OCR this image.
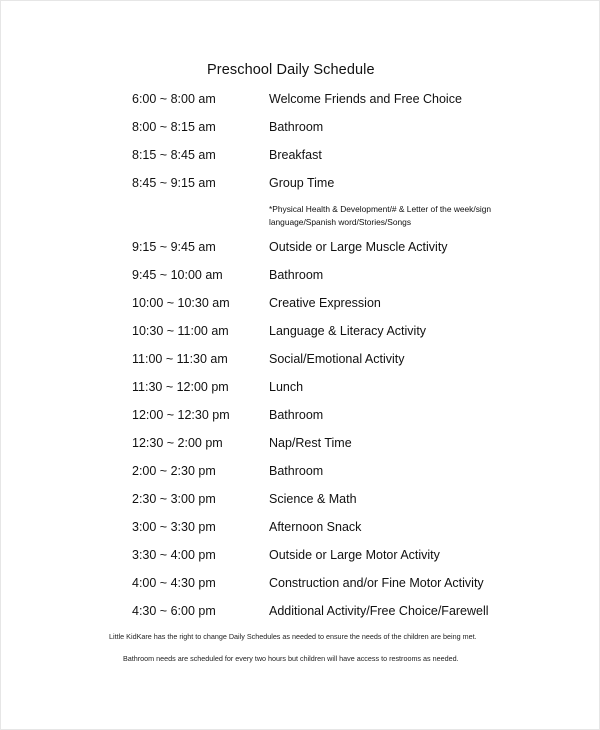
Preschool Daily Schedule
6:00 ~ 8:00 am	Welcome Friends and Free Choice
8:00 ~ 8:15 am	Bathroom
8:15 ~ 8:45 am	Breakfast
8:45 ~ 9:15 am	Group Time
*Physical Health & Development/# & Letter of the week/sign language/Spanish word/Stories/Songs
9:15 ~ 9:45 am	Outside or Large Muscle Activity
9:45 ~ 10:00 am	Bathroom
10:00 ~ 10:30 am	Creative Expression
10:30 ~ 11:00 am	Language & Literacy Activity
11:00 ~ 11:30 am	Social/Emotional Activity
11:30 ~ 12:00 pm	Lunch
12:00 ~ 12:30 pm	Bathroom
12:30 ~ 2:00 pm	Nap/Rest Time
2:00 ~ 2:30 pm	Bathroom
2:30 ~ 3:00 pm	Science & Math
3:00 ~ 3:30 pm	Afternoon Snack
3:30 ~ 4:00 pm	Outside or Large Motor Activity
4:00 ~ 4:30 pm	Construction and/or Fine Motor Activity
4:30 ~ 6:00 pm	Additional Activity/Free Choice/Farewell
Little KidKare has the right to change Daily Schedules as needed to ensure the needs of the children are being met.
Bathroom needs are scheduled for every two hours but children will have access to restrooms as needed.
